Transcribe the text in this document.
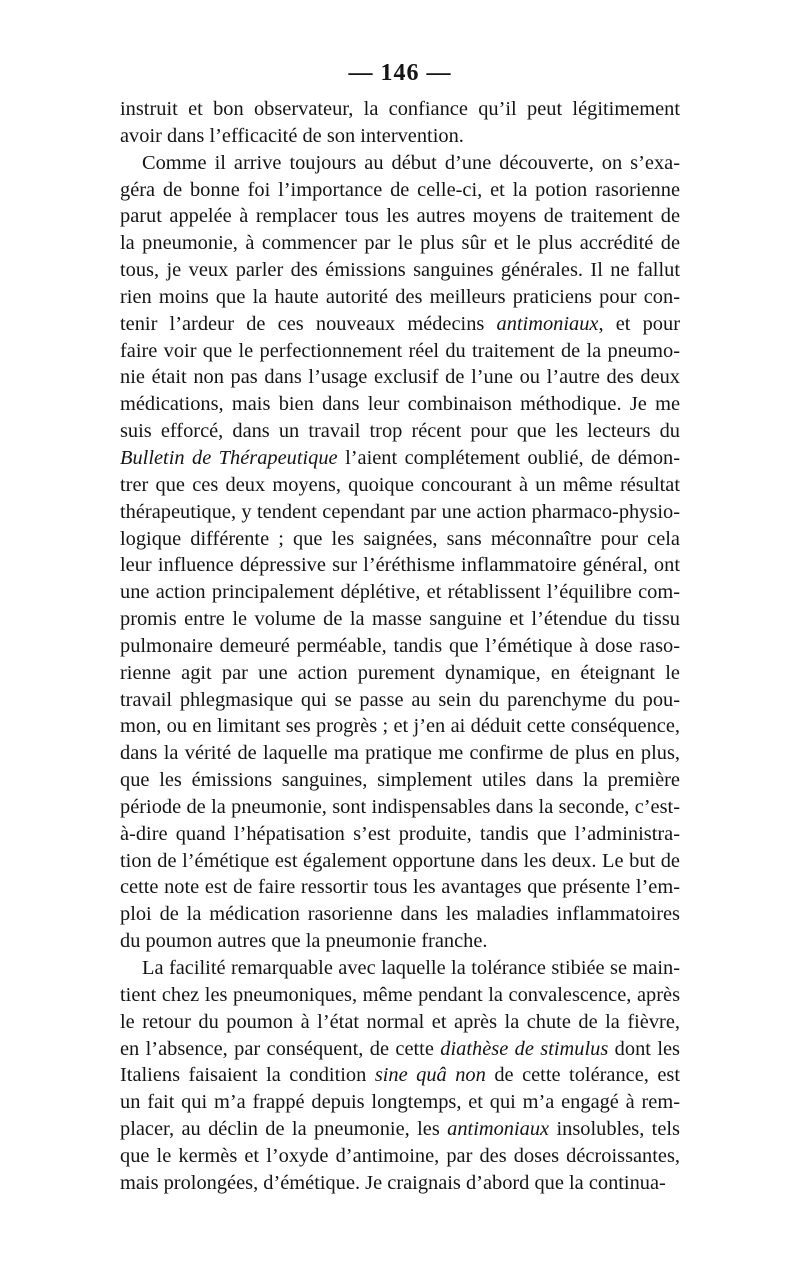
— 146 —
instruit et bon observateur, la confiance qu’il peut légitimement
avoir dans l’efficacité de son intervention.
Comme il arrive toujours au début d’une découverte, on s’exa-
géra de bonne foi l’importance de celle-ci, et la potion rasorienne
parut appelée à remplacer tous les autres moyens de traitement de
la pneumonie, à commencer par le plus sûr et le plus accrédité de
tous, je veux parler des émissions sanguines générales. Il ne fallut
rien moins que la haute autorité des meilleurs praticiens pour con-
tenir l’ardeur de ces nouveaux médecins antimoniaux, et pour
faire voir que le perfectionnement réel du traitement de la pneumo-
nie était non pas dans l’usage exclusif de l’une ou l’autre des deux
médications, mais bien dans leur combinaison méthodique. Je me
suis efforcé, dans un travail trop récent pour que les lecteurs du
Bulletin de Thérapeutique l’aient complétement oublié, de démon-
trer que ces deux moyens, quoique concourant à un même résultat
thérapeutique, y tendent cependant par une action pharmaco-physio-
logique différente ; que les saignées, sans méconnaître pour cela
leur influence dépressive sur l’éréthisme inflammatoire général, ont
une action principalement déplétive, et rétablissent l’équilibre com-
promis entre le volume de la masse sanguine et l’étendue du tissu
pulmonaire demeuré perméable, tandis que l’émétique à dose raso-
rienne agit par une action purement dynamique, en éteignant le
travail phlegmasique qui se passe au sein du parenchyme du pou-
mon, ou en limitant ses progrès ; et j’en ai déduit cette conséquence,
dans la vérité de laquelle ma pratique me confirme de plus en plus,
que les émissions sanguines, simplement utiles dans la première
période de la pneumonie, sont indispensables dans la seconde, c’est-
à-dire quand l’hépatisation s’est produite, tandis que l’administra-
tion de l’émétique est également opportune dans les deux. Le but de
cette note est de faire ressortir tous les avantages que présente l’em-
ploi de la médication rasorienne dans les maladies inflammatoires
du poumon autres que la pneumonie franche.
La facilité remarquable avec laquelle la tolérance stibiée se main-
tient chez les pneumoniques, même pendant la convalescence, après
le retour du poumon à l’état normal et après la chute de la fièvre,
en l’absence, par conséquent, de cette diathèse de stimulus dont les
Italiens faisaient la condition sine quâ non de cette tolérance, est
un fait qui m’a frappé depuis longtemps, et qui m’a engagé à rem-
placer, au déclin de la pneumonie, les antimoniaux insolubles, tels
que le kermès et l’oxyde d’antimoine, par des doses décroissantes,
mais prolongées, d’émétique. Je craignais d’abord que la continua-
